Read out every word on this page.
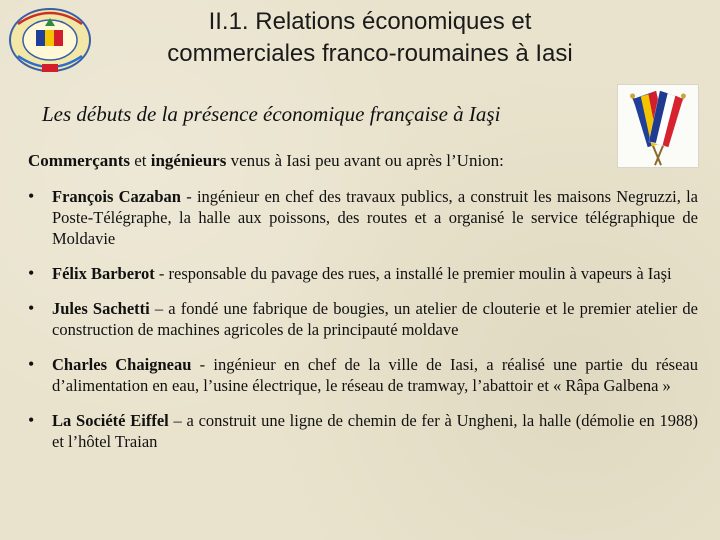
II.1. Relations économiques et
commerciales franco-roumaines à Iasi
Les débuts de la présence économique française à Iaşi
Commerçants et ingénieurs venus à Iasi peu avant ou après l’Union:
• François Cazaban - ingénieur en chef des travaux publics, a construit les maisons Negruzzi, la Poste-Télégraphe, la halle aux poissons, des routes et a organisé le service télégraphique de Moldavie
• Félix Barberot - responsable du pavage des rues, a installé le premier moulin à vapeurs à Iaşi
• Jules Sachetti – a fondé une fabrique de bougies, un atelier de clouterie et le premier atelier de construction de machines agricoles de la principauté moldave
• Charles Chaigneau - ingénieur en chef de la ville de Iasi, a réalisé une partie du réseau d’alimentation en eau, l’usine électrique, le réseau de tramway, l’abattoir et « Râpa Galbena »
• La Société Eiffel – a construit une ligne de chemin de fer à Ungheni, la halle (démolie en 1988) et l’hôtel Traian
